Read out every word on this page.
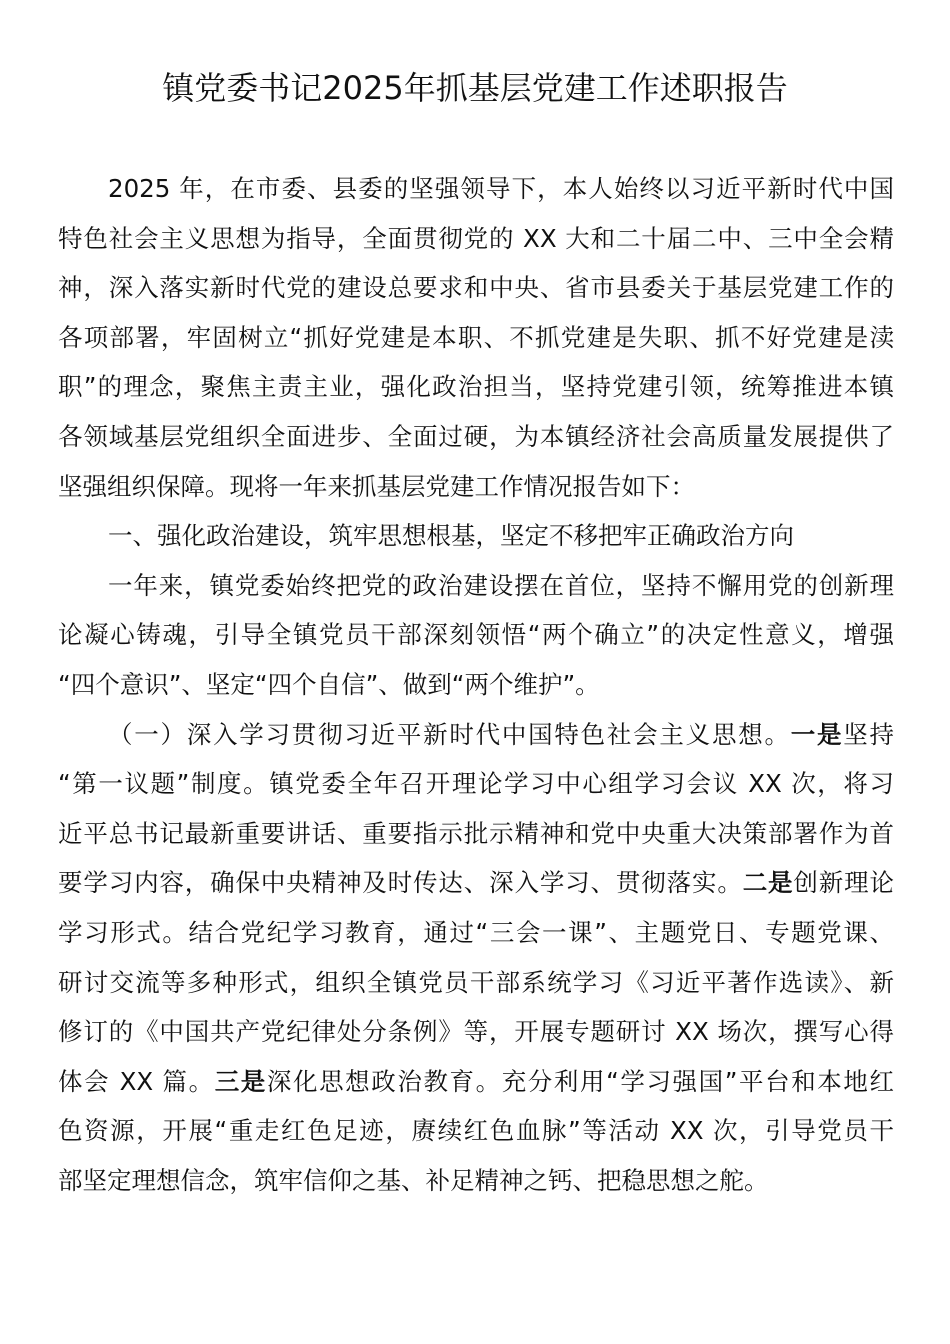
镇党委书记2025年抓基层党建工作述职报告
2025 年，在市委、县委的坚强领导下，本人始终以习近平新时代中国
特色社会主义思想为指导，全面贯彻党的 XX 大和二十届二中、三中全会精
神，深入落实新时代党的建设总要求和中央、省市县委关于基层党建工作的
各项部署，牢固树立“抓好党建是本职、不抓党建是失职、抓不好党建是渎
职”的理念，聚焦主责主业，强化政治担当，坚持党建引领，统筹推进本镇
各领域基层党组织全面进步、全面过硬，为本镇经济社会高质量发展提供了
坚强组织保障。现将一年来抓基层党建工作情况报告如下：
一、强化政治建设，筑牢思想根基，坚定不移把牢正确政治方向
一年来，镇党委始终把党的政治建设摆在首位，坚持不懈用党的创新理
论凝心铸魂，引导全镇党员干部深刻领悟“两个确立”的决定性意义，增强
“四个意识”、坚定“四个自信”、做到“两个维护”。
（一）深入学习贯彻习近平新时代中国特色社会主义思想。一是坚持
“第一议题”制度。镇党委全年召开理论学习中心组学习会议 XX 次，将习
近平总书记最新重要讲话、重要指示批示精神和党中央重大决策部署作为首
要学习内容，确保中央精神及时传达、深入学习、贯彻落实。二是创新理论
学习形式。结合党纪学习教育，通过“三会一课”、主题党日、专题党课、
研讨交流等多种形式，组织全镇党员干部系统学习《习近平著作选读》、新
修订的《中国共产党纪律处分条例》等，开展专题研讨 XX 场次，撰写心得
体会 XX 篇。三是深化思想政治教育。充分利用“学习强国”平台和本地红
色资源，开展“重走红色足迹，赓续红色血脉”等活动 XX 次，引导党员干
部坚定理想信念，筑牢信仰之基、补足精神之钙、把稳思想之舵。
